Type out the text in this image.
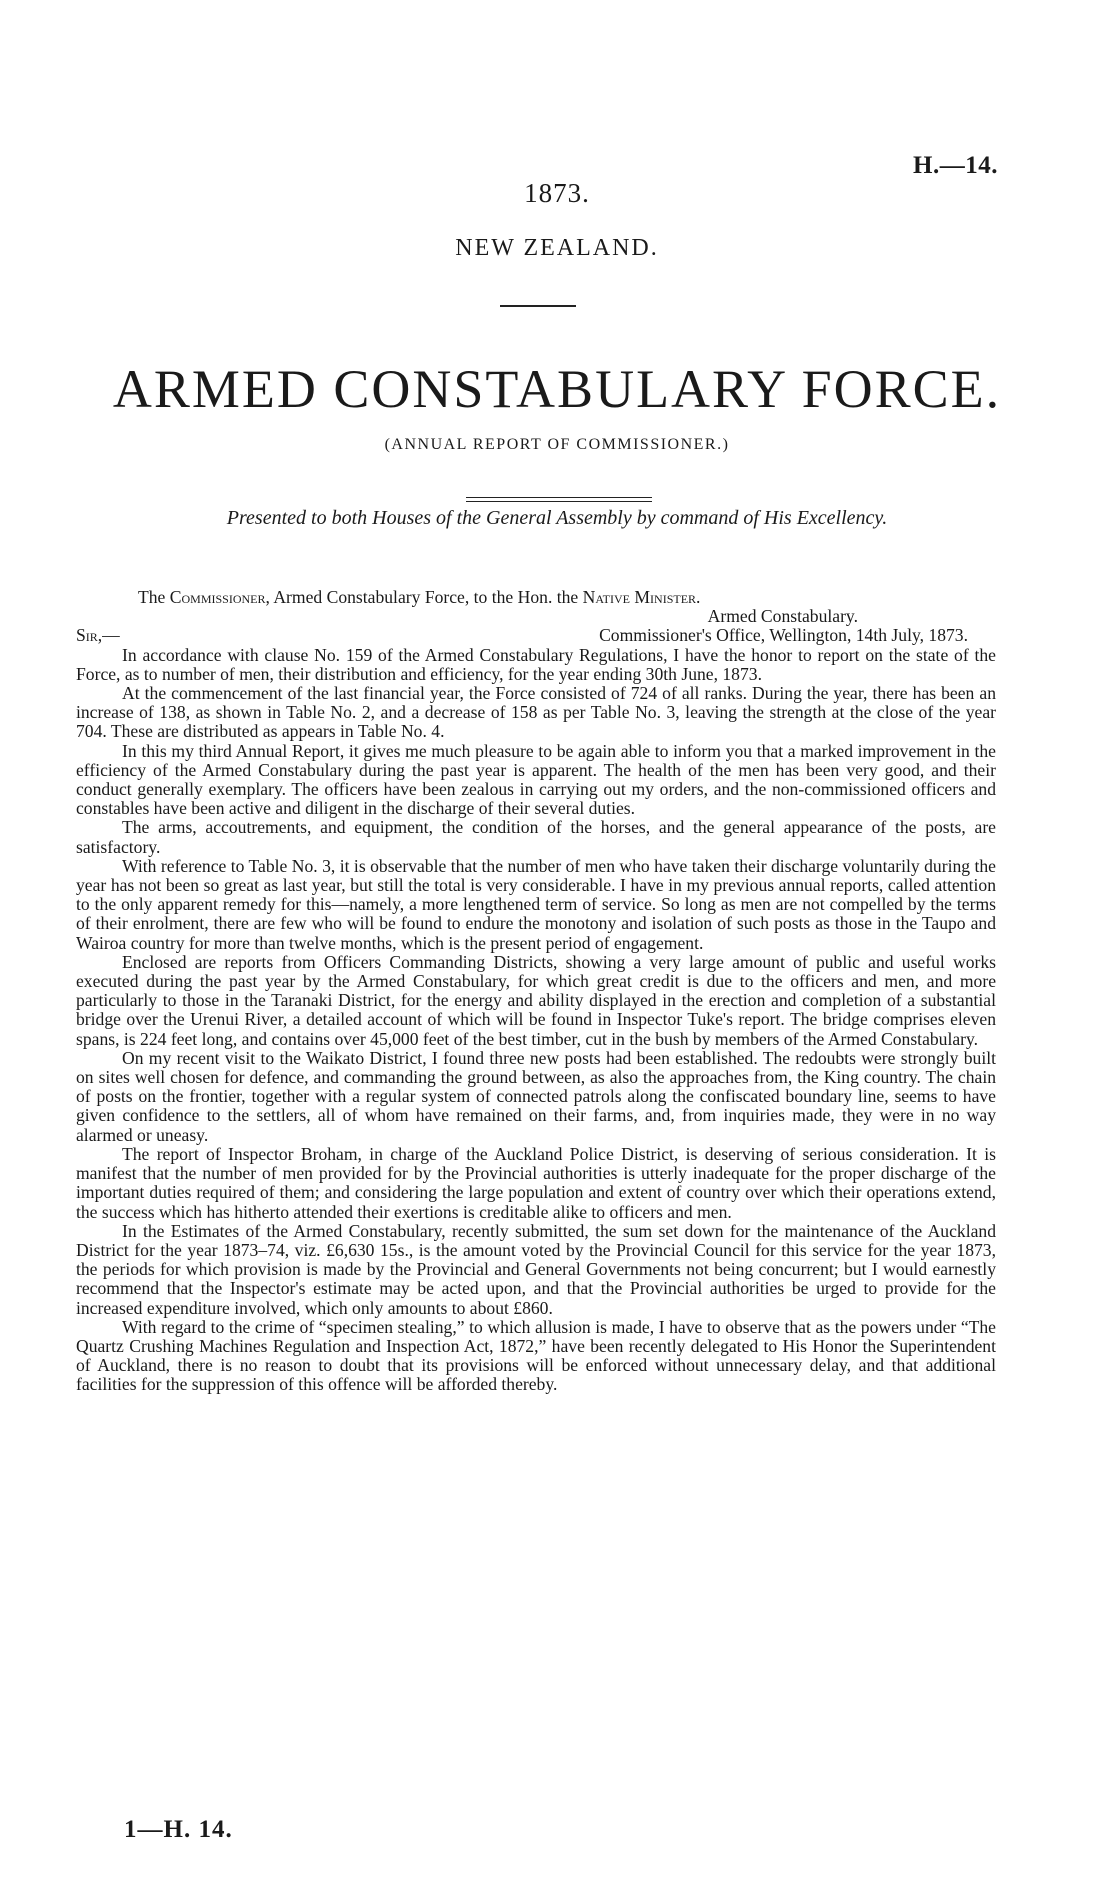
H.—14.
1873.
NEW ZEALAND.
ARMED CONSTABULARY FORCE.
(ANNUAL REPORT OF COMMISSIONER.)
Presented to both Houses of the General Assembly by command of His Excellency.

The Commissioner, Armed Constabulary Force, to the Hon. the Native Minister.

Armed Constabulary.
Sir,—	Commissioner's Office, Wellington, 14th July, 1873.

In accordance with clause No. 159 of the Armed Constabulary Regulations, I have the honor to report on the state of the Force, as to number of men, their distribution and efficiency, for the year ending 30th June, 1873.

At the commencement of the last financial year, the Force consisted of 724 of all ranks. During the year, there has been an increase of 138, as shown in Table No. 2, and a decrease of 158 as per Table No. 3, leaving the strength at the close of the year 704. These are distributed as appears in Table No. 4.

In this my third Annual Report, it gives me much pleasure to be again able to inform you that a marked improvement in the efficiency of the Armed Constabulary during the past year is apparent. The health of the men has been very good, and their conduct generally exemplary. The officers have been zealous in carrying out my orders, and the non-commissioned officers and constables have been active and diligent in the discharge of their several duties.

The arms, accoutrements, and equipment, the condition of the horses, and the general appearance of the posts, are satisfactory.

With reference to Table No. 3, it is observable that the number of men who have taken their discharge voluntarily during the year has not been so great as last year, but still the total is very considerable. I have in my previous annual reports, called attention to the only apparent remedy for this—namely, a more lengthened term of service. So long as men are not compelled by the terms of their enrolment, there are few who will be found to endure the monotony and isolation of such posts as those in the Taupo and Wairoa country for more than twelve months, which is the present period of engagement.

Enclosed are reports from Officers Commanding Districts, showing a very large amount of public and useful works executed during the past year by the Armed Constabulary, for which great credit is due to the officers and men, and more particularly to those in the Taranaki District, for the energy and ability displayed in the erection and completion of a substantial bridge over the Urenui River, a detailed account of which will be found in Inspector Tuke's report. The bridge comprises eleven spans, is 224 feet long, and contains over 45,000 feet of the best timber, cut in the bush by members of the Armed Constabulary.

On my recent visit to the Waikato District, I found three new posts had been established. The redoubts were strongly built on sites well chosen for defence, and commanding the ground between, as also the approaches from, the King country. The chain of posts on the frontier, together with a regular system of connected patrols along the confiscated boundary line, seems to have given confidence to the settlers, all of whom have remained on their farms, and, from inquiries made, they were in no way alarmed or uneasy.

The report of Inspector Broham, in charge of the Auckland Police District, is deserving of serious consideration. It is manifest that the number of men provided for by the Provincial authorities is utterly inadequate for the proper discharge of the important duties required of them; and considering the large population and extent of country over which their operations extend, the success which has hitherto attended their exertions is creditable alike to officers and men.

In the Estimates of the Armed Constabulary, recently submitted, the sum set down for the maintenance of the Auckland District for the year 1873–74, viz. £6,630 15s., is the amount voted by the Provincial Council for this service for the year 1873, the periods for which provision is made by the Provincial and General Governments not being concurrent; but I would earnestly recommend that the Inspector's estimate may be acted upon, and that the Provincial authorities be urged to provide for the increased expenditure involved, which only amounts to about £860.

With regard to the crime of “specimen stealing,” to which allusion is made, I have to observe that as the powers under “The Quartz Crushing Machines Regulation and Inspection Act, 1872,” have been recently delegated to His Honor the Superintendent of Auckland, there is no reason to doubt that its provisions will be enforced without unnecessary delay, and that additional facilities for the suppression of this offence will be afforded thereby.

1—H. 14.
